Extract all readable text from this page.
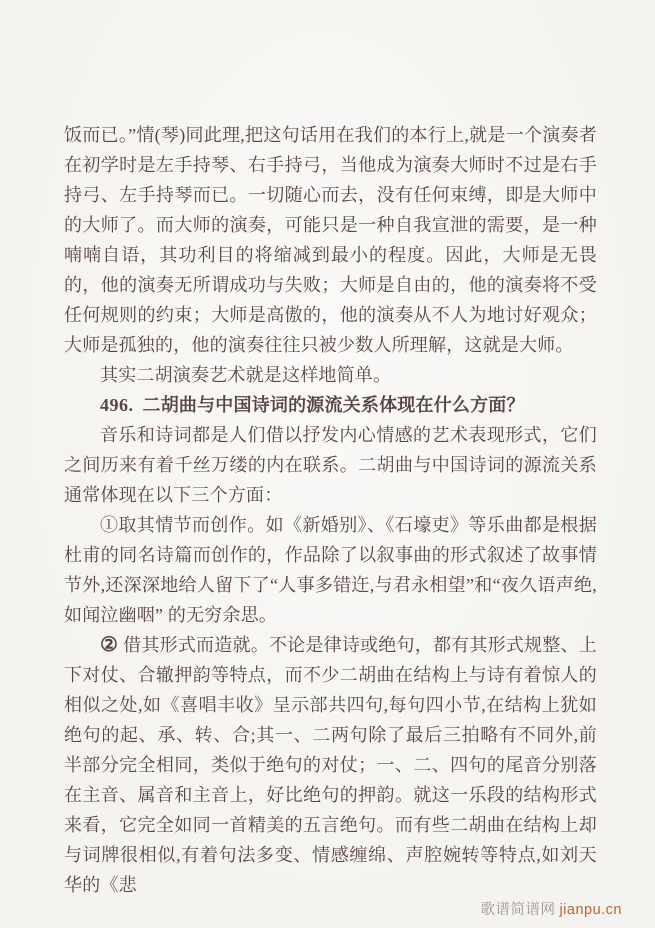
饭而已。”情(琴)同此理,把这句话用在我们的本行上,就是一个演奏者在初学时是左手持琴、右手持弓，当他成为演奏大师时不过是右手持弓、左手持琴而已。一切随心而去，没有任何束缚，即是大师中的大师了。而大师的演奏，可能只是一种自我宣泄的需要，是一种喃喃自语，其功利目的将缩减到最小的程度。因此，大师是无畏的，他的演奏无所谓成功与失败；大师是自由的，他的演奏将不受任何规则的约束；大师是高傲的，他的演奏从不人为地讨好观众；大师是孤独的，他的演奏往往只被少数人所理解，这就是大师。

其实二胡演奏艺术就是这样地简单。

496. 二胡曲与中国诗词的源流关系体现在什么方面？

音乐和诗词都是人们借以抒发内心情感的艺术表现形式，它们之间历来有着千丝万缕的内在联系。二胡曲与中国诗词的源流关系通常体现在以下三个方面：

①取其情节而创作。如《新婚别》、《石壕吏》等乐曲都是根据杜甫的同名诗篇而创作的，作品除了以叙事曲的形式叙述了故事情节外,还深深地给人留下了“人事多错迕,与君永相望”和“夜久语声绝,如闻泣幽咽” 的无穷余思。

② 借其形式而造就。不论是律诗或绝句，都有其形式规整、上下对仗、合辙押韵等特点，而不少二胡曲在结构上与诗有着惊人的相似之处,如《喜唱丰收》呈示部共四句,每句四小节,在结构上犹如绝句的起、承、转、合;其一、二两句除了最后三拍略有不同外,前半部分完全相同，类似于绝句的对仗；一、二、四句的尾音分别落在主音、属音和主音上，好比绝句的押韵。就这一乐段的结构形式来看，它完全如同一首精美的五言绝句。而有些二胡曲在结构上却与词牌很相似,有着句法多变、情感缠绵、声腔婉转等特点,如刘天华的《悲

歌谱简谱网 jianpu.cn
